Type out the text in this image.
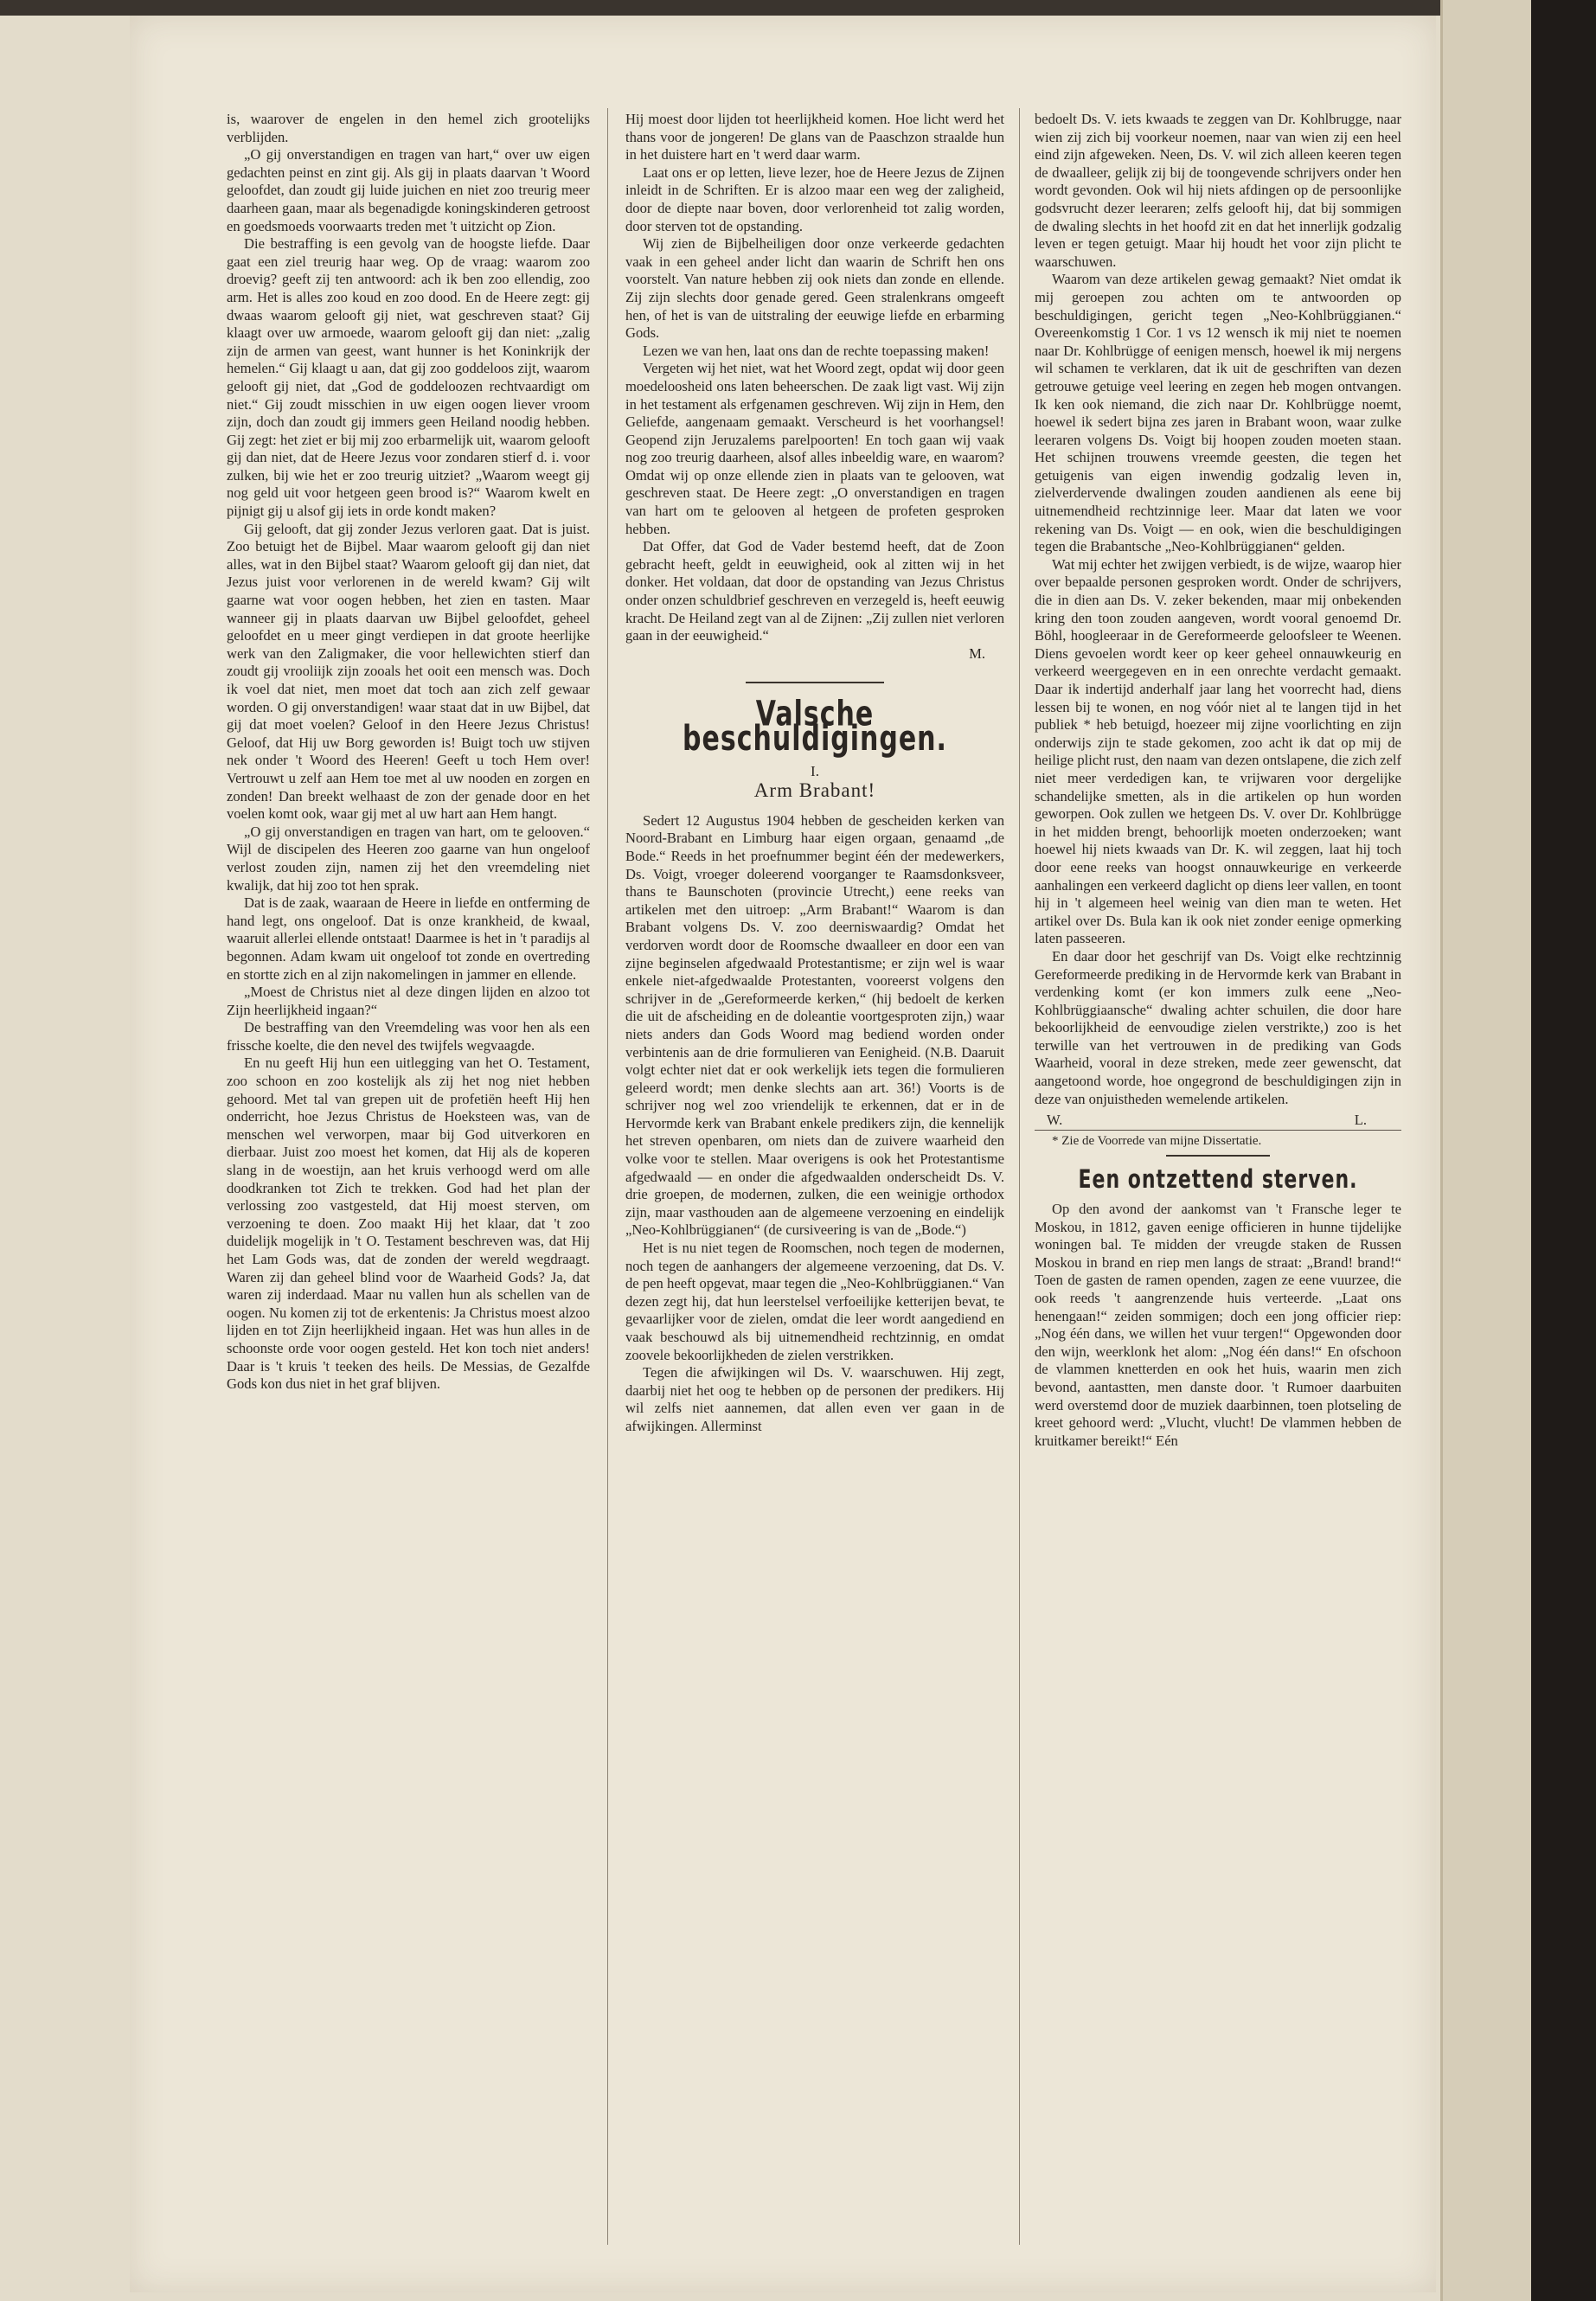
is, waarover de engelen in den hemel zich grootelijks verblijden.

„O gij onverstandigen en tragen van hart,“ over uw eigen gedachten peinst en zint gij. Als gij in plaats daarvan 't Woord geloofdet, dan zoudt gij luide juichen en niet zoo treurig meer daarheen gaan, maar als begenadigde koningskinderen getroost en goedsmoeds voorwaarts treden met 't uitzicht op Zion.

Die bestraffing is een gevolg van de hoogste liefde. Daar gaat een ziel treurig haar weg. Op de vraag: waarom zoo droevig? geeft zij ten antwoord: ach ik ben zoo ellendig, zoo arm. Het is alles zoo koud en zoo dood. En de Heere zegt: gij dwaas waarom gelooft gij niet, wat geschreven staat? Gij klaagt over uw armoede, waarom gelooft gij dan niet: „zalig zijn de armen van geest, want hunner is het Koninkrijk der hemelen.“ Gij klaagt u aan, dat gij zoo goddeloos zijt, waarom gelooft gij niet, dat „God de goddeloozen rechtvaardigt om niet.“ Gij zoudt misschien in uw eigen oogen liever vroom zijn, doch dan zoudt gij immers geen Heiland noodig hebben. Gij zegt: het ziet er bij mij zoo erbarmelijk uit, waarom gelooft gij dan niet, dat de Heere Jezus voor zondaren stierf d. i. voor zulken, bij wie het er zoo treurig uitziet? „Waarom weegt gij nog geld uit voor hetgeen geen brood is?“ Waarom kwelt en pijnigt gij u alsof gij iets in orde kondt maken?

Gij gelooft, dat gij zonder Jezus verloren gaat. Dat is juist. Zoo betuigt het de Bijbel. Maar waarom gelooft gij dan niet alles, wat in den Bijbel staat? Waarom gelooft gij dan niet, dat Jezus juist voor verlorenen in de wereld kwam? Gij wilt gaarne wat voor oogen hebben, het zien en tasten. Maar wanneer gij in plaats daarvan uw Bijbel geloofdet, geheel geloofdet en u meer gingt verdiepen in dat groote heerlijke werk van den Zaligmaker, die voor hellewichten stierf dan zoudt gij vrooliijk zijn zooals het ooit een mensch was. Doch ik voel dat niet, men moet dat toch aan zich zelf gewaar worden. O gij onverstandigen! waar staat dat in uw Bijbel, dat gij dat moet voelen? Geloof in den Heere Jezus Christus! Geloof, dat Hij uw Borg geworden is! Buigt toch uw stijven nek onder 't Woord des Heeren! Geeft u toch Hem over! Vertrouwt u zelf aan Hem toe met al uw nooden en zorgen en zonden! Dan breekt welhaast de zon der genade door en het voelen komt ook, waar gij met al uw hart aan Hem hangt.

„O gij onverstandigen en tragen van hart, om te gelooven.“ Wijl de discipelen des Heeren zoo gaarne van hun ongeloof verlost zouden zijn, namen zij het den vreemdeling niet kwalijk, dat hij zoo tot hen sprak.

Dat is de zaak, waaraan de Heere in liefde en ontferming de hand legt, ons ongeloof. Dat is onze krankheid, de kwaal, waaruit allerlei ellende ontstaat! Daarmee is het in 't paradijs al begonnen. Adam kwam uit ongeloof tot zonde en overtreding en stortte zich en al zijn nakomelingen in jammer en ellende.

„Moest de Christus niet al deze dingen lijden en alzoo tot Zijn heerlijkheid ingaan?“

De bestraffing van den Vreemdeling was voor hen als een frissche koelte, die den nevel des twijfels wegvaagde.

En nu geeft Hij hun een uitlegging van het O. Testament, zoo schoon en zoo kostelijk als zij het nog niet hebben gehoord. Met tal van grepen uit de profetiën heeft Hij hen onderricht, hoe Jezus Christus de Hoeksteen was, van de menschen wel verworpen, maar bij God uitverkoren en dierbaar. Juist zoo moest het komen, dat Hij als de koperen slang in de woestijn, aan het kruis verhoogd werd om alle doodkranken tot Zich te trekken. God had het plan der verlossing zoo vastgesteld, dat Hij moest sterven, om verzoening te doen. Zoo maakt Hij het klaar, dat 't zoo duidelijk mogelijk in 't O. Testament beschreven was, dat Hij het Lam Gods was, dat de zonden der wereld wegdraagt. Waren zij dan geheel blind voor de Waarheid Gods? Ja, dat waren zij inderdaad. Maar nu vallen hun als schellen van de oogen. Nu komen zij tot de erkentenis: Ja Christus moest alzoo lijden en tot Zijn heerlijkheid ingaan. Het was hun alles in de schoonste orde voor oogen gesteld. Het kon toch niet anders! Daar is 't kruis 't teeken des heils. De Messias, de Gezalfde Gods kon dus niet in het graf blijven.

Hij moest door lijden tot heerlijkheid komen. Hoe licht werd het thans voor de jongeren! De glans van de Paaschzon straalde hun in het duistere hart en 't werd daar warm.

Laat ons er op letten, lieve lezer, hoe de Heere Jezus de Zijnen inleidt in de Schriften. Er is alzoo maar een weg der zaligheid, door de diepte naar boven, door verlorenheid tot zalig worden, door sterven tot de opstanding.

Wij zien de Bijbelheiligen door onze verkeerde gedachten vaak in een geheel ander licht dan waarin de Schrift hen ons voorstelt. Van nature hebben zij ook niets dan zonde en ellende. Zij zijn slechts door genade gered. Geen stralenkrans omgeeft hen, of het is van de uitstraling der eeuwige liefde en erbarming Gods.

Lezen we van hen, laat ons dan de rechte toepassing maken!

Vergeten wij het niet, wat het Woord zegt, opdat wij door geen moedeloosheid ons laten beheerschen. De zaak ligt vast. Wij zijn in het testament als erfgenamen geschreven. Wij zijn in Hem, den Geliefde, aangenaam gemaakt. Verscheurd is het voorhangsel! Geopend zijn Jeruzalems parelpoorten! En toch gaan wij vaak nog zoo treurig daarheen, alsof alles inbeeldig ware, en waarom? Omdat wij op onze ellende zien in plaats van te gelooven, wat geschreven staat. De Heere zegt: „O onverstandigen en tragen van hart om te gelooven al hetgeen de profeten gesproken hebben.

Dat Offer, dat God de Vader bestemd heeft, dat de Zoon gebracht heeft, geldt in eeuwigheid, ook al zitten wij in het donker. Het voldaan, dat door de opstanding van Jezus Christus onder onzen schuldbrief geschreven en verzegeld is, heeft eeuwig kracht. De Heiland zegt van al de Zijnen: „Zij zullen niet verloren gaan in der eeuwigheid.“

M.

Valsche beschuldigingen.
I.
Arm Brabant!

Sedert 12 Augustus 1904 hebben de gescheiden kerken van Noord-Brabant en Limburg haar eigen orgaan, genaamd „de Bode.“ Reeds in het proefnummer begint één der medewerkers, Ds. Voigt, vroeger doleerend voorganger te Raamsdonksveer, thans te Baunschoten (provincie Utrecht,) eene reeks van artikelen met den uitroep: „Arm Brabant!“ Waarom is dan Brabant volgens Ds. V. zoo deerniswaardig? Omdat het verdorven wordt door de Roomsche dwaalleer en door een van zijne beginselen afgedwaald Protestantisme; er zijn wel is waar enkele niet-afgedwaalde Protestanten, vooreerst volgens den schrijver in de „Gereformeerde kerken,“ (hij bedoelt de kerken die uit de afscheiding en de doleantie voortgesproten zijn,) waar niets anders dan Gods Woord mag bediend worden onder verbintenis aan de drie formulieren van Eenigheid. (N.B. Daaruit volgt echter niet dat er ook werkelijk iets tegen die formulieren geleerd wordt; men denke slechts aan art. 36!) Voorts is de schrijver nog wel zoo vriendelijk te erkennen, dat er in de Hervormde kerk van Brabant enkele predikers zijn, die kennelijk het streven openbaren, om niets dan de zuivere waarheid den volke voor te stellen. Maar overigens is ook het Protestantisme afgedwaald — en onder die afgedwaalden onderscheidt Ds. V. drie groepen, de modernen, zulken, die een weinigje orthodox zijn, maar vasthouden aan de algemeene verzoening en eindelijk „Neo-Kohlbrüggianen“ (de cursiveering is van de „Bode.“)

Het is nu niet tegen de Roomschen, noch tegen de modernen, noch tegen de aanhangers der algemeene verzoening, dat Ds. V. de pen heeft opgevat, maar tegen die „Neo-Kohlbrüggianen.“ Van dezen zegt hij, dat hun leerstelsel verfoeilijke ketterijen bevat, te gevaarlijker voor de zielen, omdat die leer wordt aangediend en vaak beschouwd als bij uitnemendheid rechtzinnig, en omdat zoovele bekoorlijkheden de zielen verstrikken.

Tegen die afwijkingen wil Ds. V. waarschuwen. Hij zegt, daarbij niet het oog te hebben op de personen der predikers. Hij wil zelfs niet aannemen, dat allen even ver gaan in de afwijkingen. Allerminst

bedoelt Ds. V. iets kwaads te zeggen van Dr. Kohlbrugge, naar wien zij zich bij voorkeur noemen, naar van wien zij een heel eind zijn afgeweken. Neen, Ds. V. wil zich alleen keeren tegen de dwaalleer, gelijk zij bij de toongevende schrijvers onder hen wordt gevonden. Ook wil hij niets afdingen op de persoonlijke godsvrucht dezer leeraren; zelfs gelooft hij, dat bij sommigen de dwaling slechts in het hoofd zit en dat het innerlijk godzalig leven er tegen getuigt. Maar hij houdt het voor zijn plicht te waarschuwen.

Waarom van deze artikelen gewag gemaakt? Niet omdat ik mij geroepen zou achten om te antwoorden op beschuldigingen, gericht tegen „Neo-Kohlbrüggianen.“ Overeenkomstig 1 Cor. 1 vs 12 wensch ik mij niet te noemen naar Dr. Kohlbrügge of eenigen mensch, hoewel ik mij nergens wil schamen te verklaren, dat ik uit de geschriften van dezen getrouwe getuige veel leering en zegen heb mogen ontvangen. Ik ken ook niemand, die zich naar Dr. Kohlbrügge noemt, hoewel ik sedert bijna zes jaren in Brabant woon, waar zulke leeraren volgens Ds. Voigt bij hoopen zouden moeten staan. Het schijnen trouwens vreemde geesten, die tegen het getuigenis van eigen inwendig godzalig leven in, zielverdervende dwalingen zouden aandienen als eene bij uitnemendheid rechtzinnige leer. Maar dat laten we voor rekening van Ds. Voigt — en ook, wien die beschuldigingen tegen die Brabantsche „Neo-Kohlbrüggianen“ gelden.

Wat mij echter het zwijgen verbiedt, is de wijze, waarop hier over bepaalde personen gesproken wordt. Onder de schrijvers, die in dien aan Ds. V. zeker bekenden, maar mij onbekenden kring den toon zouden aangeven, wordt vooral genoemd Dr. Böhl, hoogleeraar in de Gereformeerde geloofsleer te Weenen. Diens gevoelen wordt keer op keer geheel onnauwkeurig en verkeerd weergegeven en in een onrechte verdacht gemaakt. Daar ik indertijd anderhalf jaar lang het voorrecht had, diens lessen bij te wonen, en nog vóór niet al te langen tijd in het publiek * heb betuigd, hoezeer mij zijne voorlichting en zijn onderwijs zijn te stade gekomen, zoo acht ik dat op mij de heilige plicht rust, den naam van dezen ontslapene, die zich zelf niet meer verdedigen kan, te vrijwaren voor dergelijke schandelijke smetten, als in die artikelen op hun worden geworpen. Ook zullen we hetgeen Ds. V. over Dr. Kohlbrügge in het midden brengt, behoorlijk moeten onderzoeken; want hoewel hij niets kwaads van Dr. K. wil zeggen, laat hij toch door eene reeks van hoogst onnauwkeurige en verkeerde aanhalingen een verkeerd daglicht op diens leer vallen, en toont hij in 't algemeen heel weinig van dien man te weten. Het artikel over Ds. Bula kan ik ook niet zonder eenige opmerking laten passeeren.

En daar door het geschrijf van Ds. Voigt elke rechtzinnig Gereformeerde prediking in de Hervormde kerk van Brabant in verdenking komt (er kon immers zulk eene „Neo-Kohlbrüggiaansche“ dwaling achter schuilen, die door hare bekoorlijkheid de eenvoudige zielen verstrikte,) zoo is het terwille van het vertrouwen in de prediking van Gods Waarheid, vooral in deze streken, mede zeer gewenscht, dat aangetoond worde, hoe ongegrond de beschuldigingen zijn in deze van onjuistheden wemelende artikelen.

W.	L.

* Zie de Voorrede van mijne Dissertatie.

Een ontzettend sterven.

Op den avond der aankomst van 't Fransche leger te Moskou, in 1812, gaven eenige officieren in hunne tijdelijke woningen bal. Te midden der vreugde staken de Russen Moskou in brand en riep men langs de straat: „Brand! brand!“ Toen de gasten de ramen openden, zagen ze eene vuurzee, die ook reeds 't aangrenzende huis verteerde. „Laat ons henengaan!“ zeiden sommigen; doch een jong officier riep: „Nog één dans, we willen het vuur tergen!“ Opgewonden door den wijn, weerklonk het alom: „Nog één dans!“ En ofschoon de vlammen knetterden en ook het huis, waarin men zich bevond, aantastten, men danste door. 't Rumoer daarbuiten werd overstemd door de muziek daarbinnen, toen plotseling de kreet gehoord werd: „Vlucht, vlucht! De vlammen hebben de kruitkamer bereikt!“ Eén
